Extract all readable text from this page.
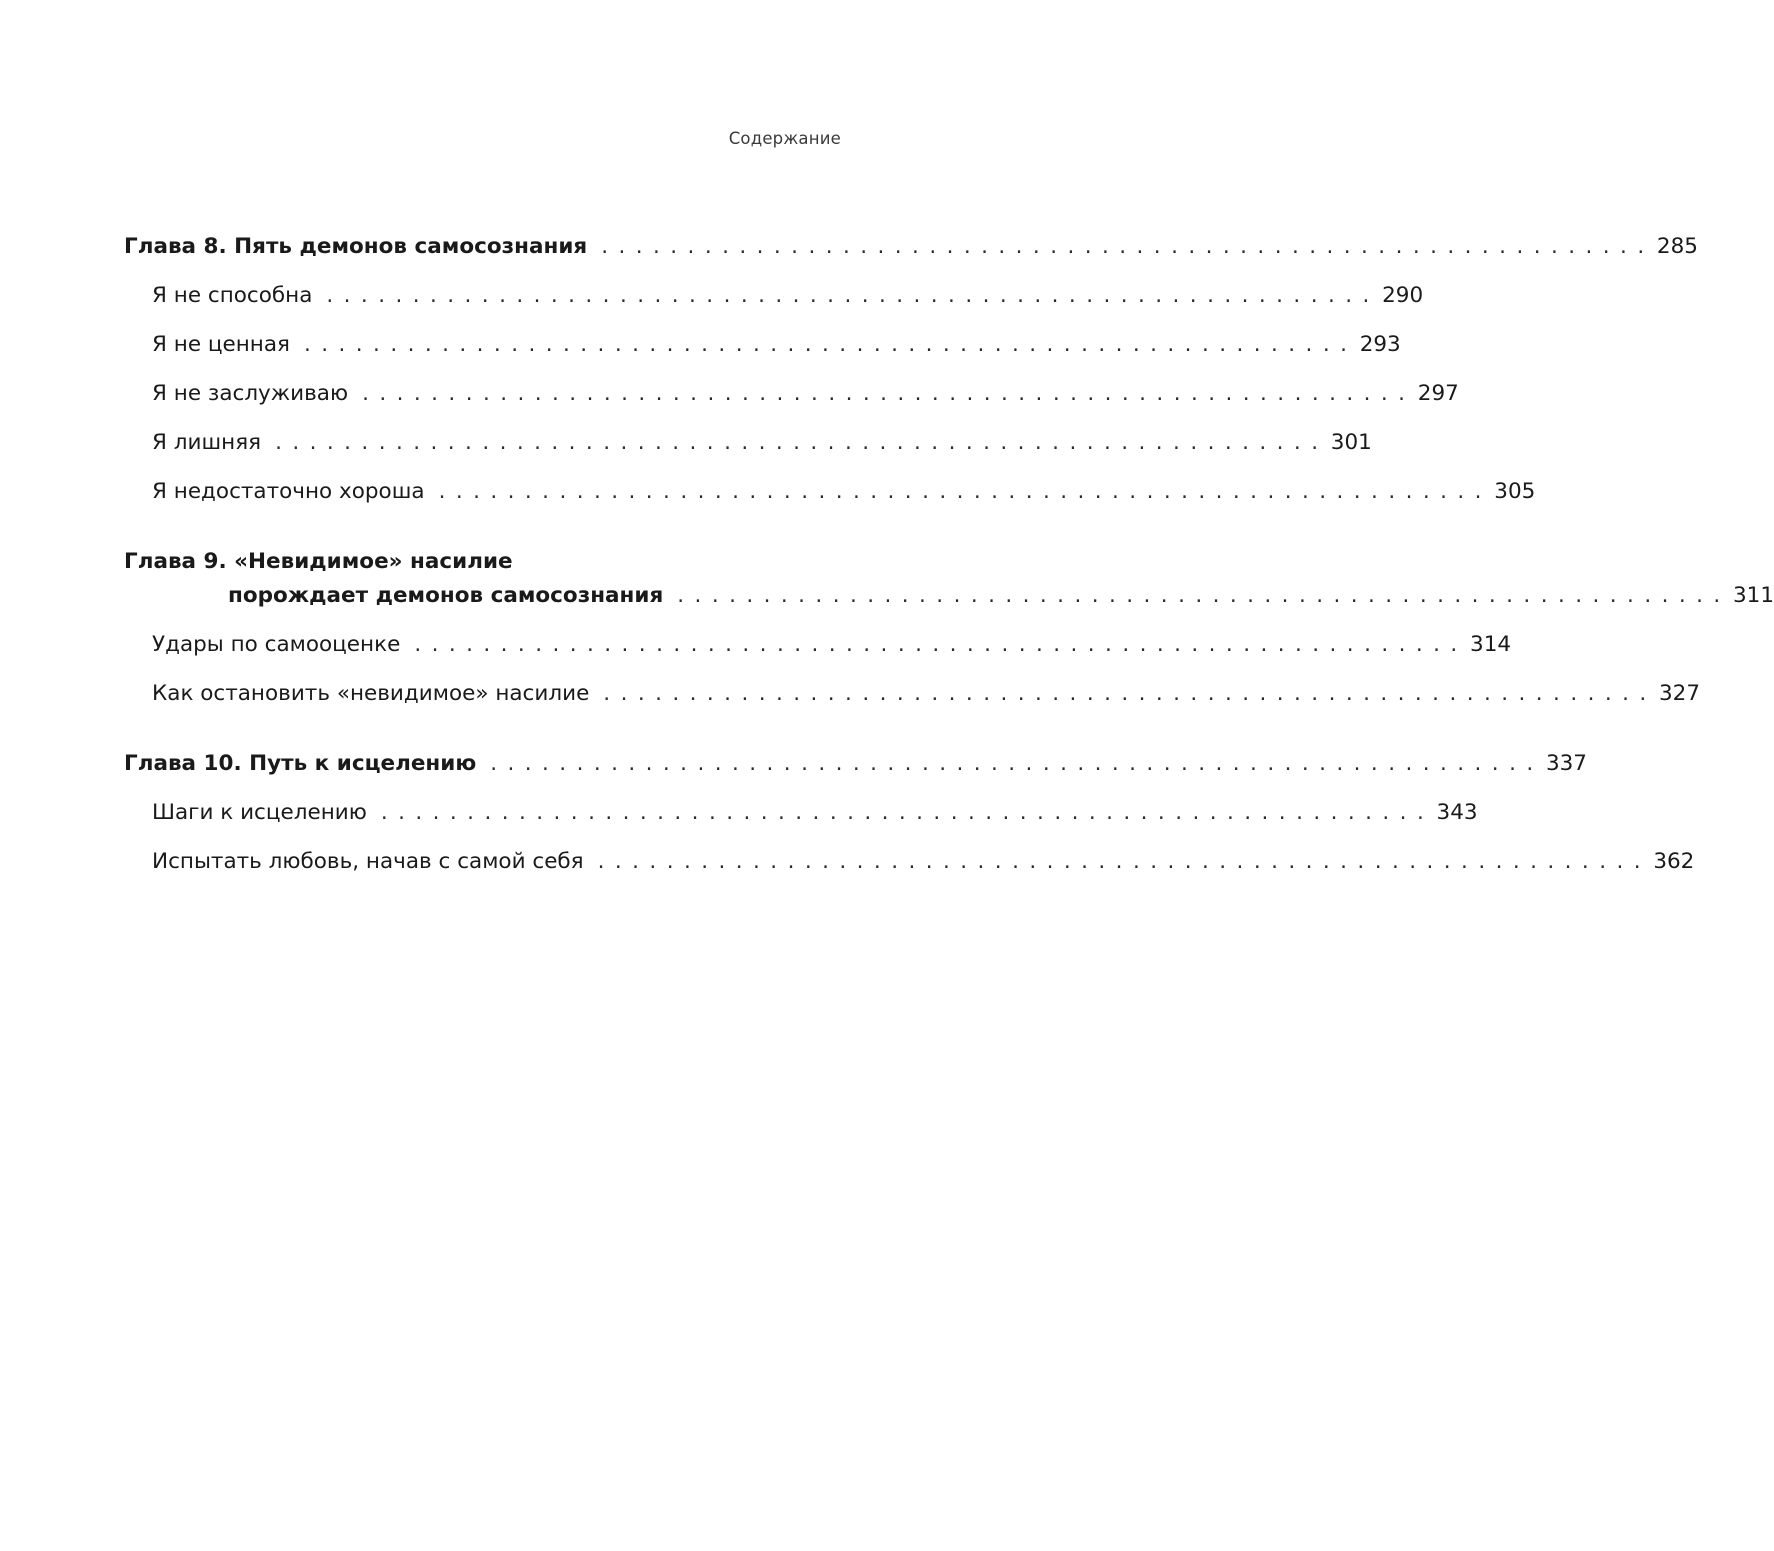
Содержание
Глава 8. Пять демонов самосознания . . . . . . . . . . . . . . . . . . . . . . . . . . . . . . . . . . . . . . . . . . . . . . . . . . . . . . . . . . . . . 285
Я не способна . . . . . . . . . . . . . . . . . . . . . . . . . . . . . . . . . . . . . . . . . . . . . . . . . . . . . . . . . . . . . 290
Я не ценная . . . . . . . . . . . . . . . . . . . . . . . . . . . . . . . . . . . . . . . . . . . . . . . . . . . . . . . . . . . . . 293
Я не заслуживаю . . . . . . . . . . . . . . . . . . . . . . . . . . . . . . . . . . . . . . . . . . . . . . . . . . . . . . . . . . . . . 297
Я лишняя . . . . . . . . . . . . . . . . . . . . . . . . . . . . . . . . . . . . . . . . . . . . . . . . . . . . . . . . . . . . . 301
Я недостаточно хороша . . . . . . . . . . . . . . . . . . . . . . . . . . . . . . . . . . . . . . . . . . . . . . . . . . . . . . . . . . . . . 305
Глава 9. «Невидимое» насилие
порождает демонов самосознания . . . . . . . . . . . . . . . . . . . . . . . . . . . . . . . . . . . . . . . . . . . . . . . . . . . . . . . . . . . . . 311
Удары по самооценке . . . . . . . . . . . . . . . . . . . . . . . . . . . . . . . . . . . . . . . . . . . . . . . . . . . . . . . . . . . . . 314
Как остановить «невидимое» насилие . . . . . . . . . . . . . . . . . . . . . . . . . . . . . . . . . . . . . . . . . . . . . . . . . . . . . . . . . . . . . 327
Глава 10. Путь к исцелению . . . . . . . . . . . . . . . . . . . . . . . . . . . . . . . . . . . . . . . . . . . . . . . . . . . . . . . . . . . . . 337
Шаги к исцелению . . . . . . . . . . . . . . . . . . . . . . . . . . . . . . . . . . . . . . . . . . . . . . . . . . . . . . . . . . . . . 343
Испытать любовь, начав с самой себя . . . . . . . . . . . . . . . . . . . . . . . . . . . . . . . . . . . . . . . . . . . . . . . . . . . . . . . . . . . . . 362
